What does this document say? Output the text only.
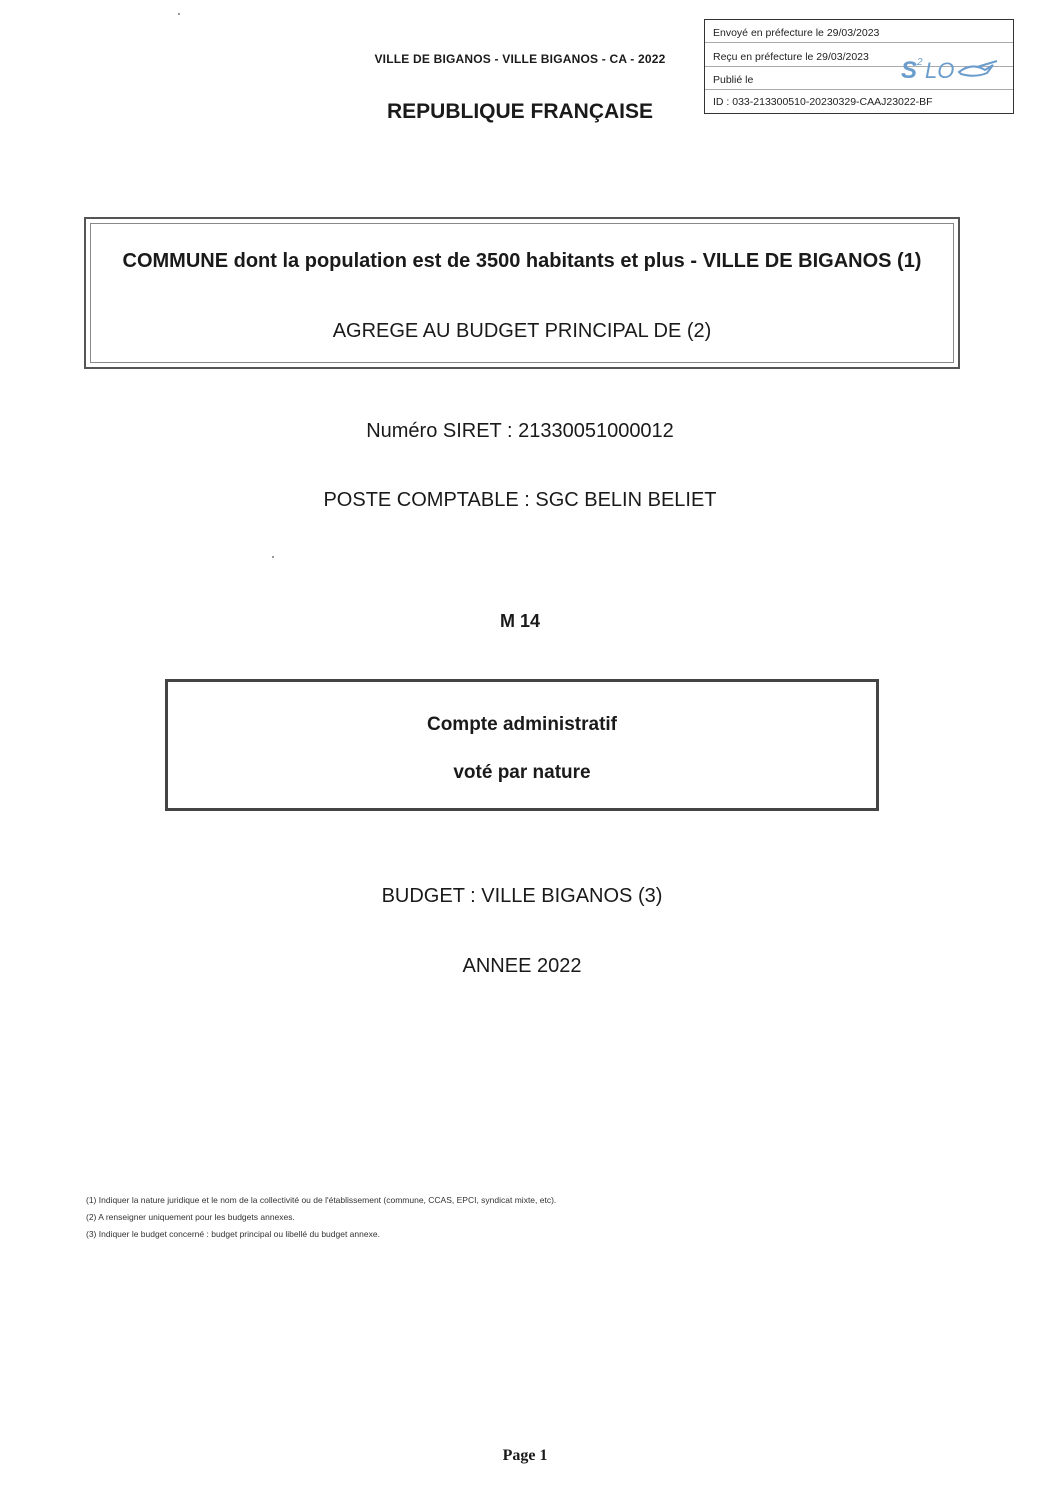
VILLE DE BIGANOS - VILLE BIGANOS - CA - 2022
REPUBLIQUE FRANÇAISE
Envoyé en préfecture le 29/03/2023
Reçu en préfecture le 29/03/2023
Publié le
ID : 033-213300510-20230329-CAAJ23022-BF
S 2 LO
COMMUNE dont la population est de 3500 habitants et plus - VILLE DE BIGANOS (1)
AGREGE AU BUDGET PRINCIPAL DE (2)
Numéro SIRET : 21330051000012
POSTE COMPTABLE : SGC BELIN BELIET
M 14
Compte administratif
voté par nature
BUDGET : VILLE BIGANOS (3)
ANNEE 2022
(1) Indiquer la nature juridique et le nom de la collectivité ou de l'établissement (commune, CCAS, EPCI, syndicat mixte, etc).
(2) A renseigner uniquement pour les budgets annexes.
(3) Indiquer le budget concerné : budget principal ou libellé du budget annexe.
Page 1
